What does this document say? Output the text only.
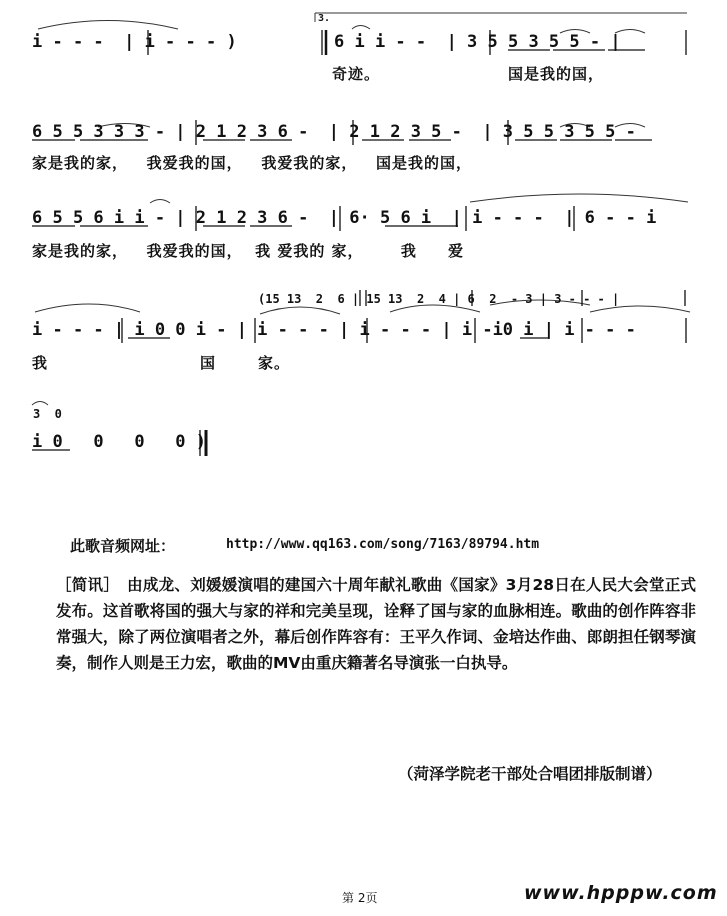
i - - -  | i - - - )
3.
6 i i - -  | 3 5 5 3 5 5 - |
奇迹。	国是我的国，
6 5 5 3 3 3 - | 2 1 2 3 6 -  | 2 1 2 3 5 -  | 3 5 5 3 5 5 -
家是我的家，   我爱我的国，   我爱我的家，   国是我的国，
6 5 5 6 i i - | 2 1 2 3 6 -  | 6· 5 6 i  | i - - -  | 6 - - i
家是我的家，   我爱我的国，  我 爱我的 家，      我     爱
(15 13  2  6 | 15 13  2  4 | 6  2  - 3 | 3 - - - |
i - - - | i 0 0 i - | i - - - | i - - - | i -i0 i | i - - -
我	国	家。
3  0
i 0   0   0   0 )
此歌音频网址：	http://www.qq163.com/song/7163/89794.htm
［简讯］　由成龙、刘媛媛演唱的建国六十周年献礼歌曲《国家》3月28日在人民大会堂正式发布。这首歌将国的强大与家的祥和完美呈现，诠释了国与家的血脉相连。歌曲的创作阵容非常强大，除了两位演唱者之外，幕后创作阵容有：王平久作词、金培达作曲、郎朗担任钢琴演奏，制作人则是王力宏，歌曲的MV由重庆籍著名导演张一白执导。
（菏泽学院老干部处合唱团排版制谱）
第 2页	www.hpppw.com
